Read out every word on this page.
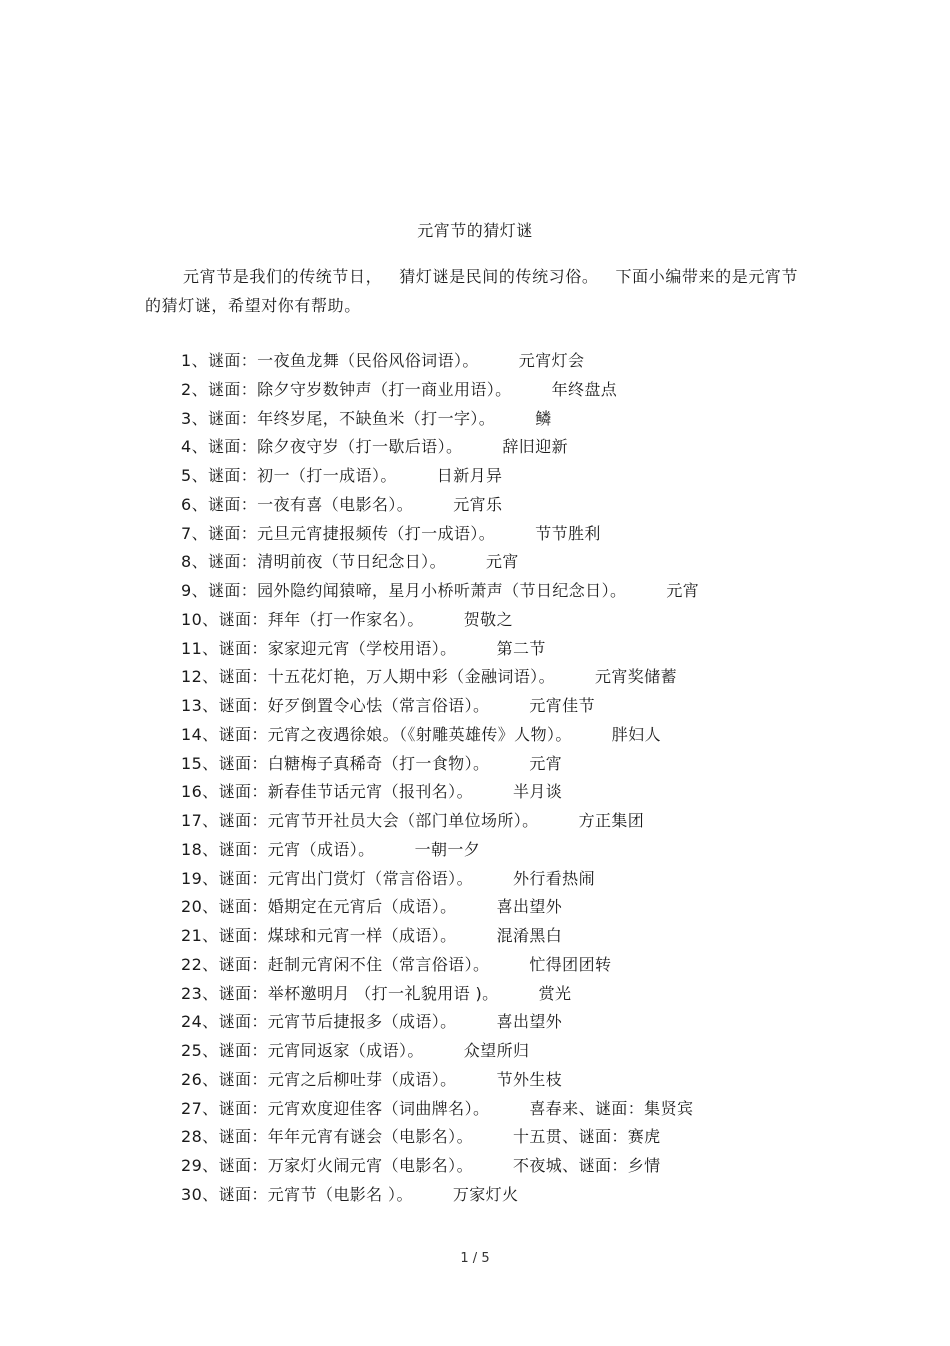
元宵节的猜灯谜
元宵节是我们的传统节日， 猜灯谜是民间的传统习俗。 下面小编带来的是元宵节的猜灯谜，希望对你有帮助。
1、谜面：一夜鱼龙舞（民俗风俗词语）。	元宵灯会
2、谜面：除夕守岁数钟声（打一商业用语）。	年终盘点
3、谜面：年终岁尾，不缺鱼米（打一字）。	鳞
4、谜面：除夕夜守岁（打一歇后语）。	辞旧迎新
5、谜面：初一（打一成语）。	日新月异
6、谜面：一夜有喜（电影名）。	元宵乐
7、谜面：元旦元宵捷报频传（打一成语）。	节节胜利
8、谜面：清明前夜（节日纪念日）。	元宵
9、谜面：园外隐约闻猿啼，星月小桥听萧声（节日纪念日）。	元宵
10、谜面：拜年（打一作家名）。	贺敬之
11、谜面：家家迎元宵（学校用语）。	第二节
12、谜面：十五花灯艳，万人期中彩（金融词语）。	元宵奖储蓄
13、谜面：好歹倒置令心怯（常言俗语）。	元宵佳节
14、谜面：元宵之夜遇徐娘。（《射雕英雄传》人物）。	胖妇人
15、谜面：白糖梅子真稀奇（打一食物）。	元宵
16、谜面：新春佳节话元宵（报刊名）。	半月谈
17、谜面：元宵节开社员大会（部门单位场所）。	方正集团
18、谜面：元宵（成语）。	一朝一夕
19、谜面：元宵出门赏灯（常言俗语）。	外行看热闹
20、谜面：婚期定在元宵后（成语）。	喜出望外
21、谜面：煤球和元宵一样（成语）。	混淆黑白
22、谜面：赶制元宵闲不住（常言俗语）。	忙得团团转
23、谜面：举杯邀明月 （打一礼貌用语 )。	赏光
24、谜面：元宵节后捷报多（成语）。	喜出望外
25、谜面：元宵同返家（成语）。	众望所归
26、谜面：元宵之后柳吐芽（成语）。	节外生枝
27、谜面：元宵欢度迎佳客（词曲牌名）。	喜春来、谜面：集贤宾
28、谜面：年年元宵有谜会（电影名）。	十五贯、谜面：赛虎
29、谜面：万家灯火闹元宵（电影名）。	不夜城、谜面：乡情
30、谜面：元宵节（电影名 ）。	万家灯火
1 / 5
